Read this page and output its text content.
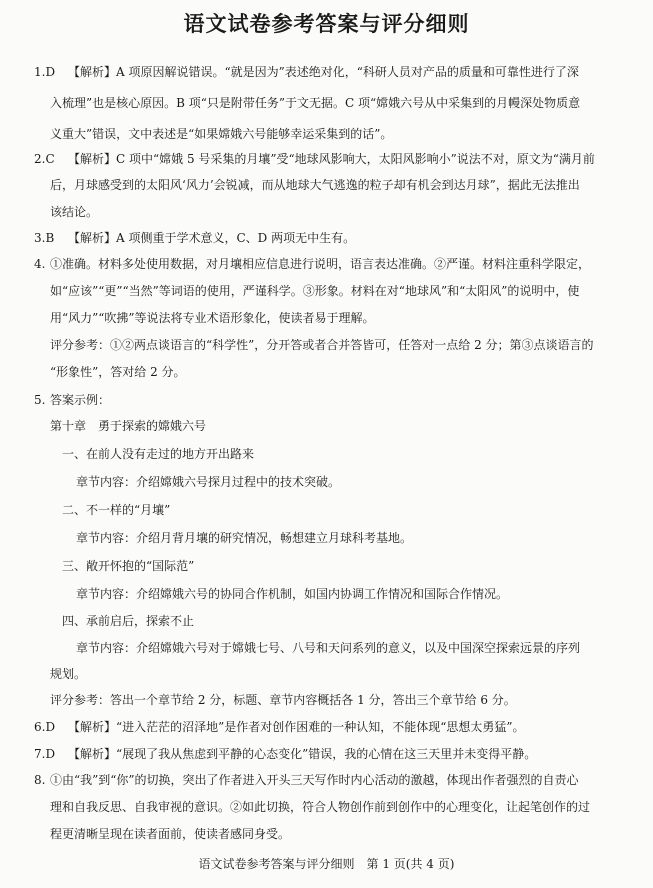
语文试卷参考答案与评分细则
1.D 【解析】A 项原因解说错误。“就是因为”表述绝对化，“科研人员对产品的质量和可靠性进行了深
入梳理”也是核心原因。B 项“只是附带任务”于文无据。C 项“嫦娥六号从中采集到的月幔深处物质意
义重大”错误，文中表述是“如果嫦娥六号能够幸运采集到的话”。
2.C 【解析】C 项中“嫦娥 5 号采集的月壤”受“地球风影响大，太阳风影响小”说法不对，原文为“满月前
后，月球感受到的太阳风‘风力’会锐减，而从地球大气逃逸的粒子却有机会到达月球”，据此无法推出
该结论。
3.B 【解析】A 项侧重于学术意义，C、D 两项无中生有。
4. ①准确。材料多处使用数据，对月壤相应信息进行说明，语言表达准确。②严谨。材料注重科学限定，
如“应该”“更”“当然”等词语的使用，严谨科学。③形象。材料在对“地球风”和“太阳风”的说明中，使
用“风力”“吹拂”等说法将专业术语形象化，使读者易于理解。
评分参考：①②两点谈语言的“科学性”，分开答或者合并答皆可，任答对一点给 2 分；第③点谈语言的
“形象性”，答对给 2 分。
5. 答案示例：
第十章　勇于探索的嫦娥六号
一、在前人没有走过的地方开出路来
章节内容：介绍嫦娥六号探月过程中的技术突破。
二、不一样的“月壤”
章节内容：介绍月背月壤的研究情况，畅想建立月球科考基地。
三、敞开怀抱的“国际范”
章节内容：介绍嫦娥六号的协同合作机制，如国内协调工作情况和国际合作情况。
四、承前启后，探索不止
章节内容：介绍嫦娥六号对于嫦娥七号、八号和天问系列的意义，以及中国深空探索远景的序列
规划。
评分参考：答出一个章节给 2 分，标题、章节内容概括各 1 分，答出三个章节给 6 分。
6.D 【解析】“进入茫茫的沼泽地”是作者对创作困难的一种认知，不能体现“思想太勇猛”。
7.D 【解析】“展现了我从焦虑到平静的心态变化”错误，我的心情在这三天里并未变得平静。
8. ①由“我”到“你”的切换，突出了作者进入开头三天写作时内心活动的激越，体现出作者强烈的自责心
理和自我反思、自我审视的意识。②如此切换，符合人物创作前到创作中的心理变化，让起笔创作的过
程更清晰呈现在读者面前，使读者感同身受。
语文试卷参考答案与评分细则　第 1 页(共 4 页)
